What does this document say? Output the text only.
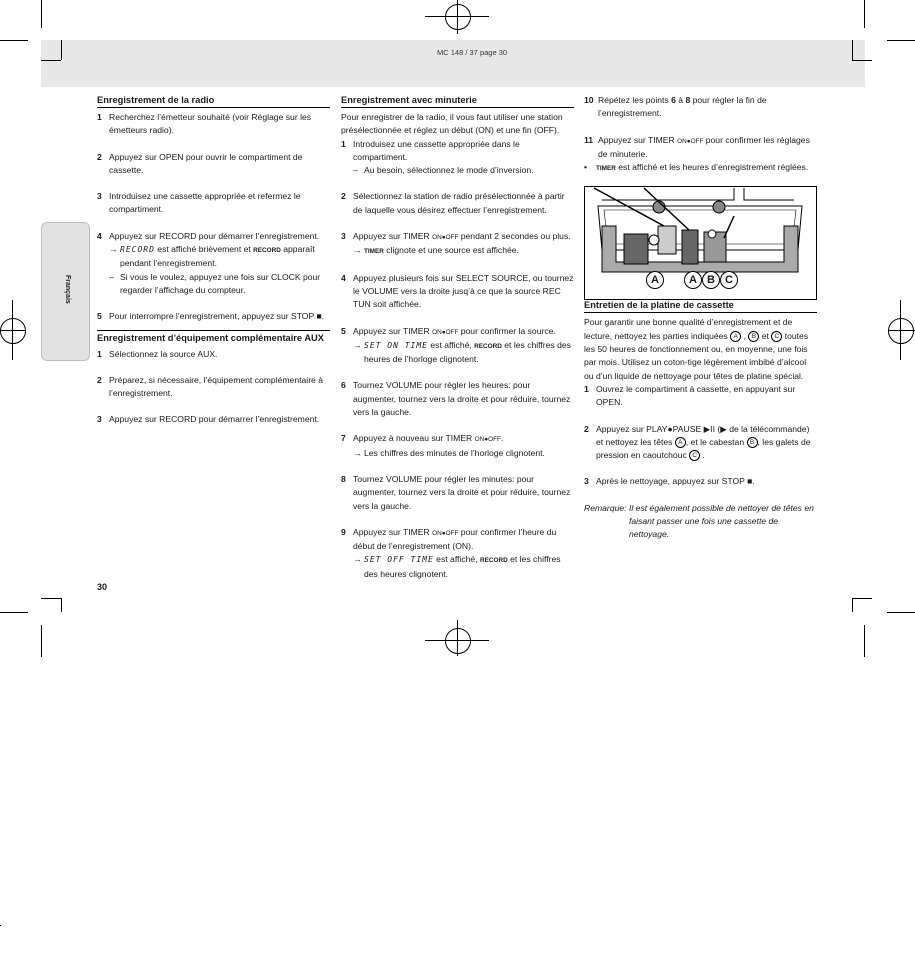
MC 148 / 37 page 30
Français
Enregistrement de la radio
1 Recherchez l’émetteur souhaité (voir Réglage sur les émetteurs radio).
2 Appuyez sur OPEN pour ouvrir le compartiment de cassette.
3 Introduisez une cassette appropriée et refermez le compartiment.
4 Appuyez sur RECORD pour démarrer l’enregistrement.
→ RECORD est affiché brièvement et RECORD apparaît pendant l’enregistrement.
– Si vous le voulez, appuyez une fois sur CLOCK pour regarder l’affichage du compteur.
5 Pour interrompre l’enregistrement, appuyez sur STOP ■.
Enregistrement d’équipement complémentaire AUX
1 Sélectionnez la source AUX.
2 Préparez, si nécessaire, l’équipement complémentaire à l’enregistrement.
3 Appuyez sur RECORD pour démarrer l’enregistrement.
Enregistrement avec minuterie

Pour enregistrer de la radio, il vous faut utiliser une station présélectionnée et réglez un début (ON) et une fin (OFF).

1 Introduisez une cassette appropriée dans le compartiment.
– Au besoin, sélectionnez le mode d’inversion.
2 Sélectionnez la station de radio présélectionnée à partir de laquelle vous désirez effectuer l’enregistrement.
3 Appuyez sur TIMER ON●OFF pendant 2 secondes ou plus.
→ TIMER clignote et une source est affichée.
4 Appuyez plusieurs fois sur SELECT SOURCE, ou tournez le VOLUME vers la droite jusq’à ce que la source REC TUN soit affichée.
5 Appuyez sur TIMER ON●OFF pour confirmer la source.
→ SET ON TIME est affiché, RECORD et les chiffres des heures de l’horloge clignotent.
6 Tournez VOLUME pour régler les heures: pour augmenter, tournez vers la droite et pour réduire, tournez vers la gauche.
7 Appuyez à nouveau sur TIMER ON●OFF.
→ Les chiffres des minutes de l’horloge clignotent.
8 Tournez VOLUME pour régler les minutes: pour augmenter, tournez vers la droite et pour réduire, tournez vers la gauche.
9 Appuyez sur TIMER ON●OFF pour confirmer l’heure du début de l’enregistrement (ON).
→ SET OFF TIME est affiché, RECORD et les chiffres des heures clignotent.
10 Répétez les points 6 à 8 pour régler la fin de l’enregistrement.
11 Appuyez sur TIMER ON●OFF pour confirmer les réglages de minuterie.
•	TIMER est affiché et les heures d’enregistrement réglées.
Entretien de la platine de cassette

Pour garantir une bonne qualité d’enregistrement et de lecture, nettoyez les parties indiquées A , B et C toutes les 50 heures de fonctionnement ou, en moyenne, une fois par mois. Utilisez un coton-tige légèrement imbibé d’alcool ou d’un liquide de nettoyage pour têtes de platine spécial.

1 Ouvrez le compartiment à cassette, en appuyant sur OPEN.
2 Appuyez sur PLAY●PAUSE ▶II (▶ de la télécommande) et nettoyez les têtes A , et le cabestan B , les galets de pression en caoutchouc C .
3 Après le nettoyage, appuyez sur STOP ■.
Remarque: Il est également possible de nettoyer de têtes en faisant passer une fois une cassette de nettoyage.
A	A B C
30
